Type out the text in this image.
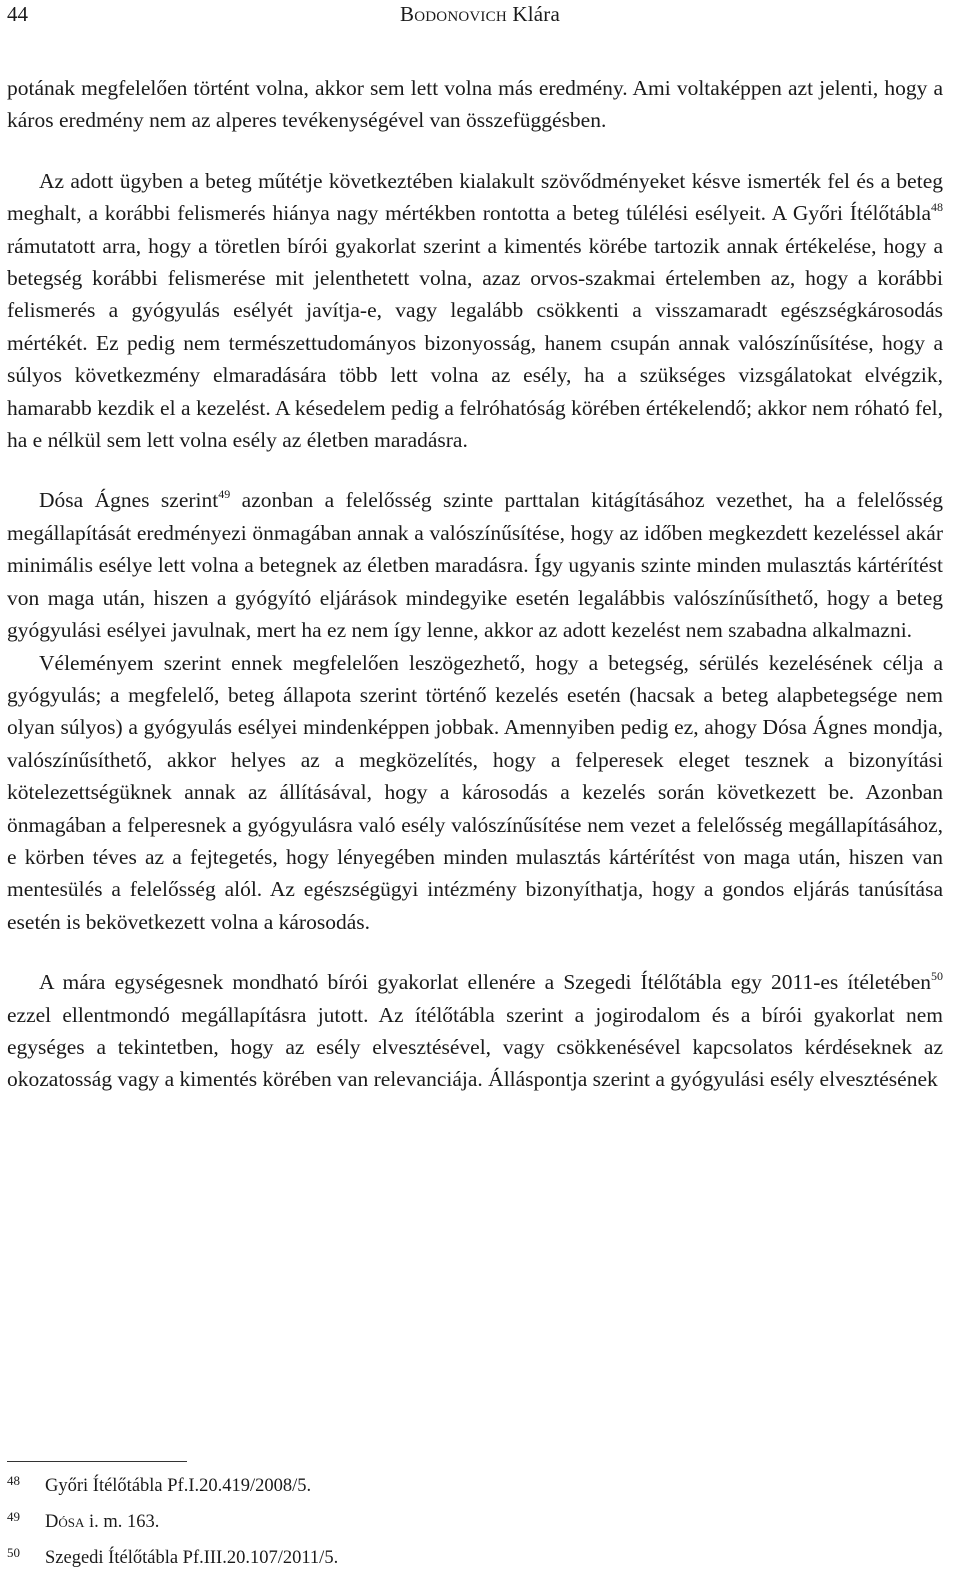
44	Bodonovich Klára

potának megfelelően történt volna, akkor sem lett volna más eredmény. Ami voltaképpen azt jelenti, hogy a káros eredmény nem az alperes tevékenységével van összefüggésben.

Az adott ügyben a beteg műtétje következtében kialakult szövődményeket késve ismerték fel és a beteg meghalt, a korábbi felismerés hiánya nagy mértékben rontotta a beteg túlélési esélyeit. A Győri Ítélőtábla$^{48}$ rámutatott arra, hogy a töretlen bírói gyakorlat szerint a kimentés körébe tartozik annak értékelése, hogy a betegség korábbi felismerése mit jelenthetett volna, azaz orvos-szakmai értelemben az, hogy a korábbi felismerés a gyógyulás esélyét javítja-e, vagy legalább csökkenti a visszamaradt egészségkárosodás mértékét. Ez pedig nem természettudományos bizonyosság, hanem csupán annak valószínűsítése, hogy a súlyos következmény elmaradására több lett volna az esély, ha a szükséges vizsgálatokat elvégzik, hamarabb kezdik el a kezelést. A késedelem pedig a felróhatóság körében értékelendő; akkor nem róható fel, ha e nélkül sem lett volna esély az életben maradásra.

Dósa Ágnes szerint$^{49}$ azonban a felelősség szinte parttalan kitágításához vezethet, ha a felelősség megállapítását eredményezi önmagában annak a valószínűsítése, hogy az időben megkezdett kezeléssel akár minimális esélye lett volna a betegnek az életben maradásra. Így ugyanis szinte minden mulasztás kártérítést von maga után, hiszen a gyógyító eljárások mindegyike esetén legalábbis valószínűsíthető, hogy a beteg gyógyulási esélyei javulnak, mert ha ez nem így lenne, akkor az adott kezelést nem szabadna alkalmazni.

Véleményem szerint ennek megfelelően leszögezhető, hogy a betegség, sérülés kezelésének célja a gyógyulás; a megfelelő, beteg állapota szerint történő kezelés esetén (hacsak a beteg alapbetegsége nem olyan súlyos) a gyógyulás esélyei mindenképpen jobbak. Amennyiben pedig ez, ahogy Dósa Ágnes mondja, valószínűsíthető, akkor helyes az a megközelítés, hogy a felperesek eleget tesznek a bizonyítási kötelezettségüknek annak az állításával, hogy a károsodás a kezelés során következett be. Azonban önmagában a felperesnek a gyógyulásra való esély valószínűsítése nem vezet a felelősség megállapításához, e körben téves az a fejtegetés, hogy lényegében minden mulasztás kártérítést von maga után, hiszen van mentesülés a felelősség alól. Az egészségügyi intézmény bizonyíthatja, hogy a gondos eljárás tanúsítása esetén is bekövetkezett volna a károsodás.

A mára egységesnek mondható bírói gyakorlat ellenére a Szegedi Ítélőtábla egy 2011-es ítéletében$^{50}$ ezzel ellentmondó megállapításra jutott. Az ítélőtábla szerint a jogirodalom és a bírói gyakorlat nem egységes a tekintetben, hogy az esély elvesztésével, vagy csökkenésével kapcsolatos kérdéseknek az okozatosság vagy a kimentés körében van relevanciája. Álláspontja szerint a gyógyulási esély elvesztésének

48 Győri Ítélőtábla Pf.I.20.419/2008/5.
49 Dósa i. m. 163.
50 Szegedi Ítélőtábla Pf.III.20.107/2011/5.
